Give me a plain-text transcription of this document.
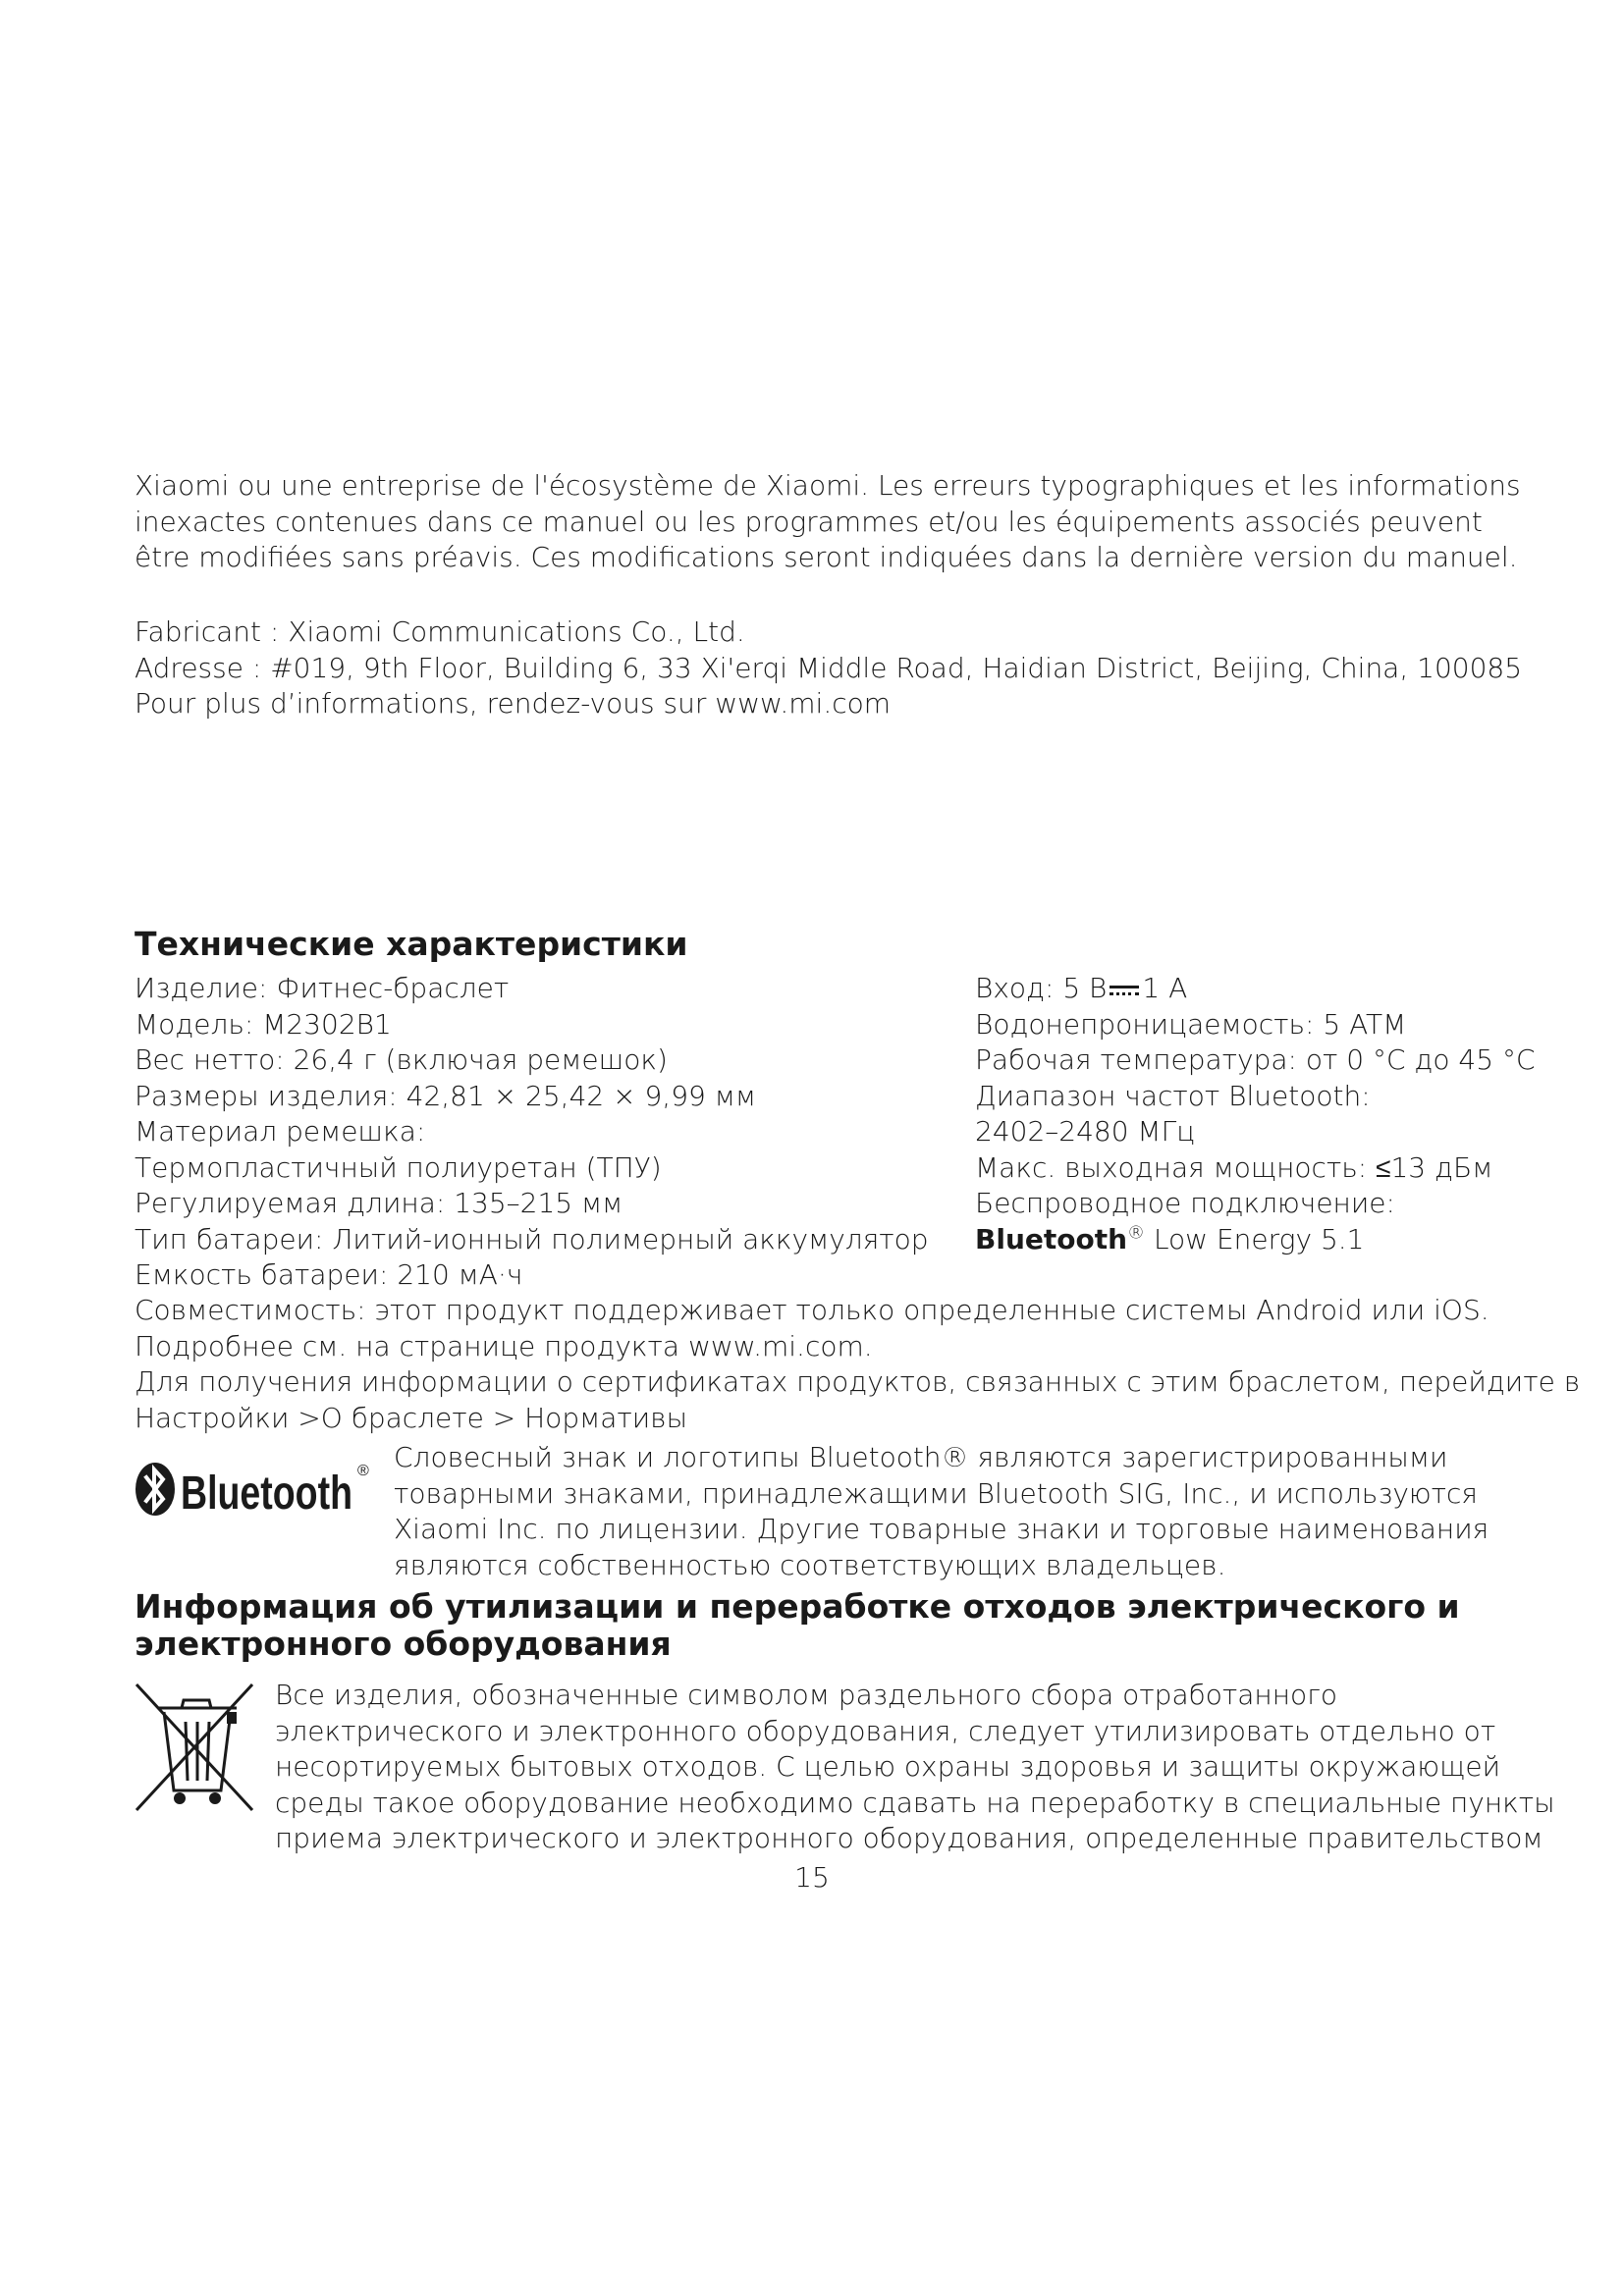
Xiaomi ou une entreprise de l'écosystème de Xiaomi. Les erreurs typographiques et les informations
inexactes contenues dans ce manuel ou les programmes et/ou les équipements associés peuvent
être modifiées sans préavis. Ces modifications seront indiquées dans la dernière version du manuel.
Fabricant : Xiaomi Communications Co., Ltd.
Adresse : #019, 9th Floor, Building 6, 33 Xi'erqi Middle Road, Haidian District, Beijing, China, 100085
Pour plus d’informations, rendez-vous sur www.mi.com
Технические характеристики
Изделие: Фитнес-браслет
Модель: M2302B1
Вес нетто: 26,4 г (включая ремешок)
Размеры изделия: 42,81 × 25,42 × 9,99 мм
Материал ремешка:
Термопластичный полиуретан (ТПУ)
Регулируемая длина: 135–215 мм
Тип батареи: Литий-ионный полимерный аккумулятор
Емкость батареи: 210 мА·ч
Вход: 5 В 1 А
Водонепроницаемость: 5 ATM
Рабочая температура: от 0 °C до 45 °C
Диапазон частот Bluetooth:
2402–2480 МГц
Макс. выходная мощность: ≤13 дБм
Беспроводное подключение:
Bluetooth® Low Energy 5.1
Совместимость: этот продукт поддерживает только определенные системы Android или iOS.
Подробнее см. на странице продукта www.mi.com.
Для получения информации о сертификатах продуктов, связанных с этим браслетом, перейдите в
Настройки >О браслете > Нормативы
Bluetooth ® Словесный знак и логотипы Bluetooth® являются зарегистрированными
товарными знаками, принадлежащими Bluetooth SIG, Inc., и используются
Xiaomi Inc. по лицензии. Другие товарные знаки и торговые наименования
являются собственностью соответствующих владельцев.
Информация об утилизации и переработке отходов электрического и
электронного оборудования
Все изделия, обозначенные символом раздельного сбора отработанного
электрического и электронного оборудования, следует утилизировать отдельно от
несортируемых бытовых отходов. С целью охраны здоровья и защиты окружающей
среды такое оборудование необходимо сдавать на переработку в специальные пункты
приема электрического и электронного оборудования, определенные правительством
15
